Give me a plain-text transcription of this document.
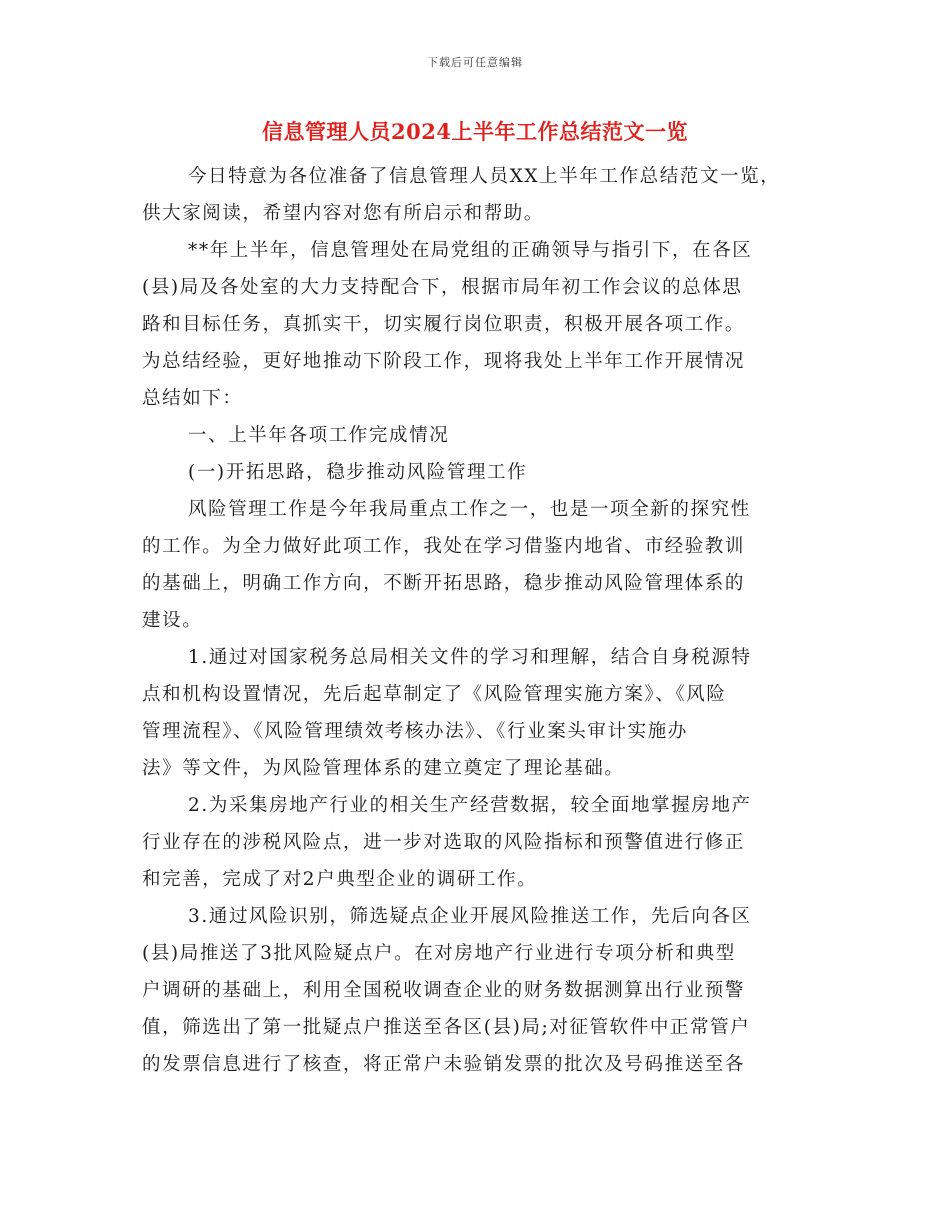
下载后可任意编辑
信息管理人员2024上半年工作总结范文一览
今日特意为各位准备了信息管理人员XX上半年工作总结范文一览，
供大家阅读，希望内容对您有所启示和帮助。
**年上半年，信息管理处在局党组的正确领导与指引下，在各区
(县)局及各处室的大力支持配合下，根据市局年初工作会议的总体思
路和目标任务，真抓实干，切实履行岗位职责，积极开展各项工作。
为总结经验，更好地推动下阶段工作，现将我处上半年工作开展情况
总结如下：
一、上半年各项工作完成情况
(一)开拓思路，稳步推动风险管理工作
风险管理工作是今年我局重点工作之一，也是一项全新的探究性
的工作。为全力做好此项工作，我处在学习借鉴内地省、市经验教训
的基础上，明确工作方向，不断开拓思路，稳步推动风险管理体系的
建设。
1.通过对国家税务总局相关文件的学习和理解，结合自身税源特
点和机构设置情况，先后起草制定了《风险管理实施方案》、《风险
管理流程》、《风险管理绩效考核办法》、《行业案头审计实施办
法》等文件，为风险管理体系的建立奠定了理论基础。
2.为采集房地产行业的相关生产经营数据，较全面地掌握房地产
行业存在的涉税风险点，进一步对选取的风险指标和预警值进行修正
和完善，完成了对2户典型企业的调研工作。
3.通过风险识别，筛选疑点企业开展风险推送工作，先后向各区
(县)局推送了3批风险疑点户。在对房地产行业进行专项分析和典型
户调研的基础上，利用全国税收调查企业的财务数据测算出行业预警
值，筛选出了第一批疑点户推送至各区(县)局;对征管软件中正常管户
的发票信息进行了核查，将正常户未验销发票的批次及号码推送至各
